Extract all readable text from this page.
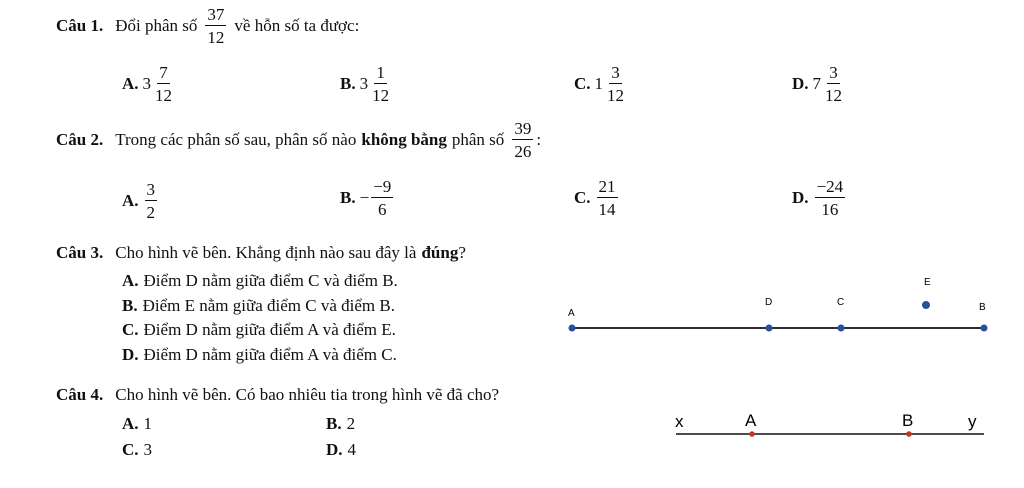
Câu 1. Đổi phân số $\frac{37}{12}$ về hỗn số ta được:
A. $3 \frac{7}{12}$	B. $3 \frac{1}{12}$	C. $1 \frac{3}{12}$	D. $7 \frac{3}{12}$
Câu 2. Trong các phân số sau, phân số nào không bằng phân số $\frac{39}{26}$ :
A. $\frac{3}{2}$	B. − $\frac{-9}{6}$	C. $\frac{21}{14}$	D. $\frac{-24}{16}$
Câu 3. Cho hình vẽ bên. Khẳng định nào sau đây là đúng ?
A. Điểm D nằm giữa điểm C và điểm B.
B. Điểm E nằm giữa điểm C và điểm B.
C. Điểm D nằm giữa điểm A và điểm E.
D. Điểm D nằm giữa điểm A và điểm C.
A
D	C
E
B
Câu 4. Cho hình vẽ bên. Có bao nhiêu tia trong hình vẽ đã cho?
A. 1	B. 2
C. 3	D. 4
x	A	B	y
